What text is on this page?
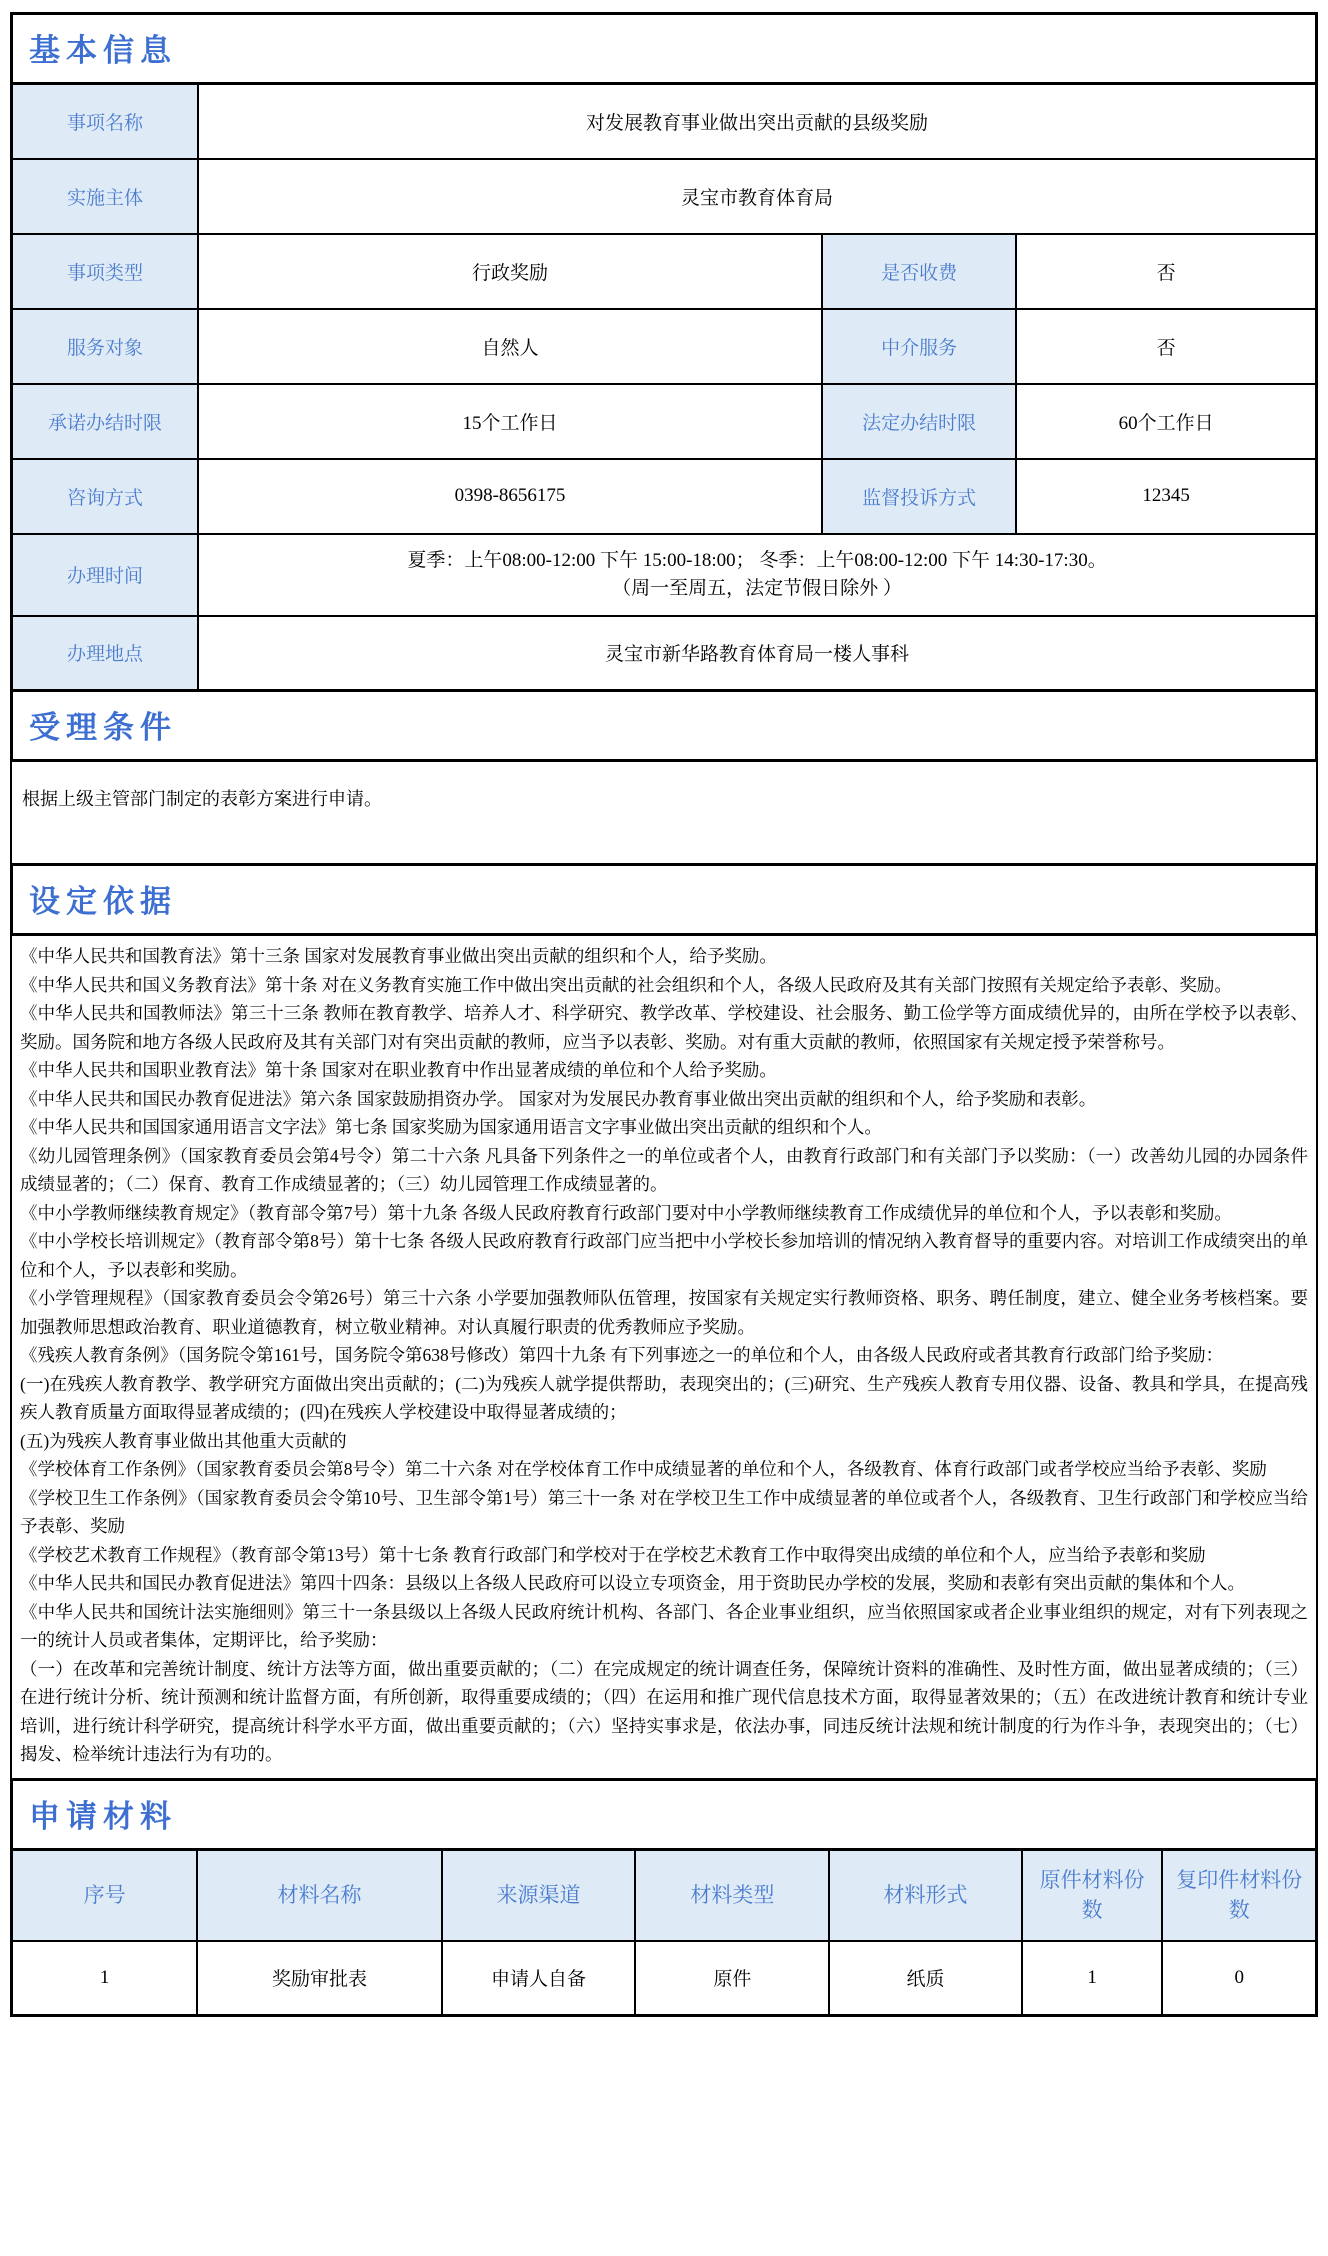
基本信息
事项名称	对发展教育事业做出突出贡献的县级奖励		
实施主体	灵宝市教育体育局		
事项类型	行政奖励	是否收费	否
服务对象	自然人	中介服务	否
承诺办结时限	15个工作日	法定办结时限	60个工作日
咨询方式	0398-8656175	监督投诉方式	12345
办理时间	夏季：上午08:00-12:00 下午 15:00-18:00； 冬季：上午08:00-12:00 下午 14:30-17:30。
（周一至周五，法定节假日除外 ）		

办理地点	灵宝市新华路教育体育局一楼人事科		
受理条件
根据上级主管部门制定的表彰方案进行申请。
设定依据
《中华人民共和国教育法》第十三条 国家对发展教育事业做出突出贡献的组织和个人，给予奖励。
《中华人民共和国义务教育法》第十条 对在义务教育实施工作中做出突出贡献的社会组织和个人，各级人民政府及其有关部门按照有关规定给予表彰、奖励。
《中华人民共和国教师法》第三十三条 教师在教育教学、培养人才、科学研究、教学改革、学校建设、社会服务、勤工俭学等方面成绩优异的，由所在学校予以表彰、奖励。国务院和地方各级人民政府及其有关部门对有突出贡献的教师，应当予以表彰、奖励。对有重大贡献的教师，依照国家有关规定授予荣誉称号。
《中华人民共和国职业教育法》第十条 国家对在职业教育中作出显著成绩的单位和个人给予奖励。
《中华人民共和国民办教育促进法》第六条 国家鼓励捐资办学。 国家对为发展民办教育事业做出突出贡献的组织和个人，给予奖励和表彰。
《中华人民共和国国家通用语言文字法》第七条 国家奖励为国家通用语言文字事业做出突出贡献的组织和个人。
《幼儿园管理条例》（国家教育委员会第4号令）第二十六条 凡具备下列条件之一的单位或者个人，由教育行政部门和有关部门予以奖励：（一）改善幼儿园的办园条件成绩显著的；（二）保育、教育工作成绩显著的；（三）幼儿园管理工作成绩显著的。
《中小学教师继续教育规定》（教育部令第7号）第十九条 各级人民政府教育行政部门要对中小学教师继续教育工作成绩优异的单位和个人，予以表彰和奖励。
《中小学校长培训规定》（教育部令第8号）第十七条 各级人民政府教育行政部门应当把中小学校长参加培训的情况纳入教育督导的重要内容。对培训工作成绩突出的单位和个人，予以表彰和奖励。
《小学管理规程》（国家教育委员会令第26号）第三十六条 小学要加强教师队伍管理，按国家有关规定实行教师资格、职务、聘任制度，建立、健全业务考核档案。要加强教师思想政治教育、职业道德教育，树立敬业精神。对认真履行职责的优秀教师应予奖励。
《残疾人教育条例》（国务院令第161号，国务院令第638号修改）第四十九条 有下列事迹之一的单位和个人，由各级人民政府或者其教育行政部门给予奖励：
(一)在残疾人教育教学、教学研究方面做出突出贡献的；(二)为残疾人就学提供帮助，表现突出的；(三)研究、生产残疾人教育专用仪器、设备、教具和学具，在提高残疾人教育质量方面取得显著成绩的；(四)在残疾人学校建设中取得显著成绩的；
(五)为残疾人教育事业做出其他重大贡献的
《学校体育工作条例》（国家教育委员会第8号令）第二十六条 对在学校体育工作中成绩显著的单位和个人，各级教育、体育行政部门或者学校应当给予表彰、奖励
《学校卫生工作条例》（国家教育委员会令第10号、卫生部令第1号）第三十一条 对在学校卫生工作中成绩显著的单位或者个人，各级教育、卫生行政部门和学校应当给予表彰、奖励
《学校艺术教育工作规程》（教育部令第13号）第十七条 教育行政部门和学校对于在学校艺术教育工作中取得突出成绩的单位和个人，应当给予表彰和奖励
《中华人民共和国民办教育促进法》第四十四条：县级以上各级人民政府可以设立专项资金，用于资助民办学校的发展，奖励和表彰有突出贡献的集体和个人。
《中华人民共和国统计法实施细则》第三十一条县级以上各级人民政府统计机构、各部门、各企业事业组织，应当依照国家或者企业事业组织的规定，对有下列表现之一的统计人员或者集体，定期评比，给予奖励：
（一）在改革和完善统计制度、统计方法等方面，做出重要贡献的；（二）在完成规定的统计调查任务，保障统计资料的准确性、及时性方面，做出显著成绩的；（三）在进行统计分析、统计预测和统计监督方面，有所创新，取得重要成绩的；（四）在运用和推广现代信息技术方面，取得显著效果的；（五）在改进统计教育和统计专业培训，进行统计科学研究，提高统计科学水平方面，做出重要贡献的；（六）坚持实事求是，依法办事，同违反统计法规和统计制度的行为作斗争，表现突出的；（七）揭发、检举统计违法行为有功的。
申请材料
序号	材料名称	来源渠道	材料类型	材料形式	原件材料份数	复印件材料份数
1	奖励审批表	申请人自备	原件	纸质	1	0
